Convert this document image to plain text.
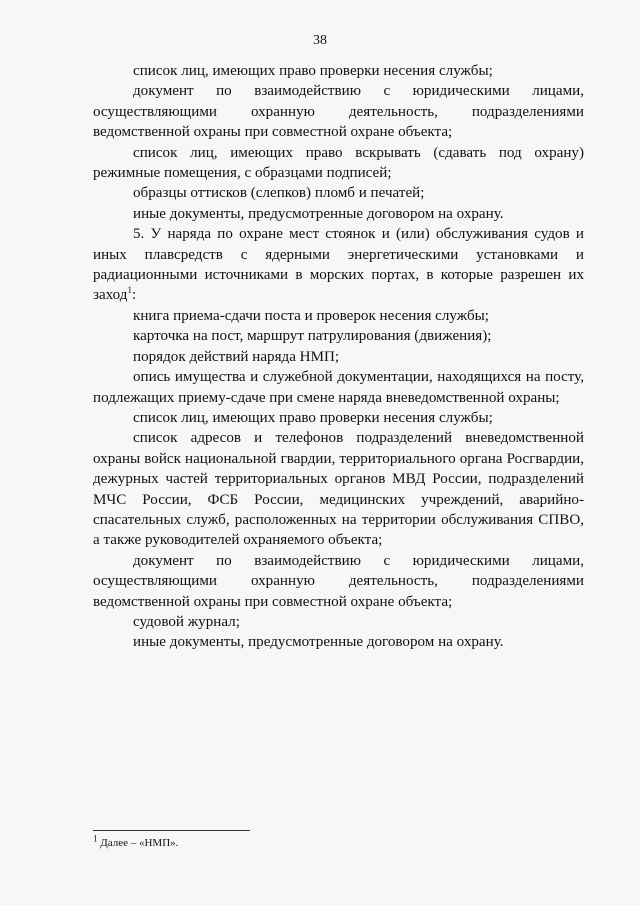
38

список лиц, имеющих право проверки несения службы;

документ по взаимодействию с юридическими лицами, осуществляющими охранную деятельность, подразделениями ведомственной охраны при совместной охране объекта;

список лиц, имеющих право вскрывать (сдавать под охрану) режимные помещения, с образцами подписей;

образцы оттисков (слепков) пломб и печатей;

иные документы, предусмотренные договором на охрану.

5. У наряда по охране мест стоянок и (или) обслуживания судов и иных плавсредств с ядерными энергетическими установками и радиационными источниками в морских портах, в которые разрешен их заход$^1$:

книга приема-сдачи поста и проверок несения службы;

карточка на пост, маршрут патрулирования (движения);

порядок действий наряда НМП;

опись имущества и служебной документации, находящихся на посту, подлежащих приему-сдаче при смене наряда вневедомственной охраны;

список лиц, имеющих право проверки несения службы;

список адресов и телефонов подразделений вневедомственной охраны войск национальной гвардии, территориального органа Росгвардии, дежурных частей территориальных органов МВД России, подразделений МЧС России, ФСБ России, медицинских учреждений, аварийно-спасательных служб, расположенных на территории обслуживания СПВО, а также руководителей охраняемого объекта;

документ по взаимодействию с юридическими лицами, осуществляющими охранную деятельность, подразделениями ведомственной охраны при совместной охране объекта;

судовой журнал;

иные документы, предусмотренные договором на охрану.

$^1$ Далее – «НМП».
